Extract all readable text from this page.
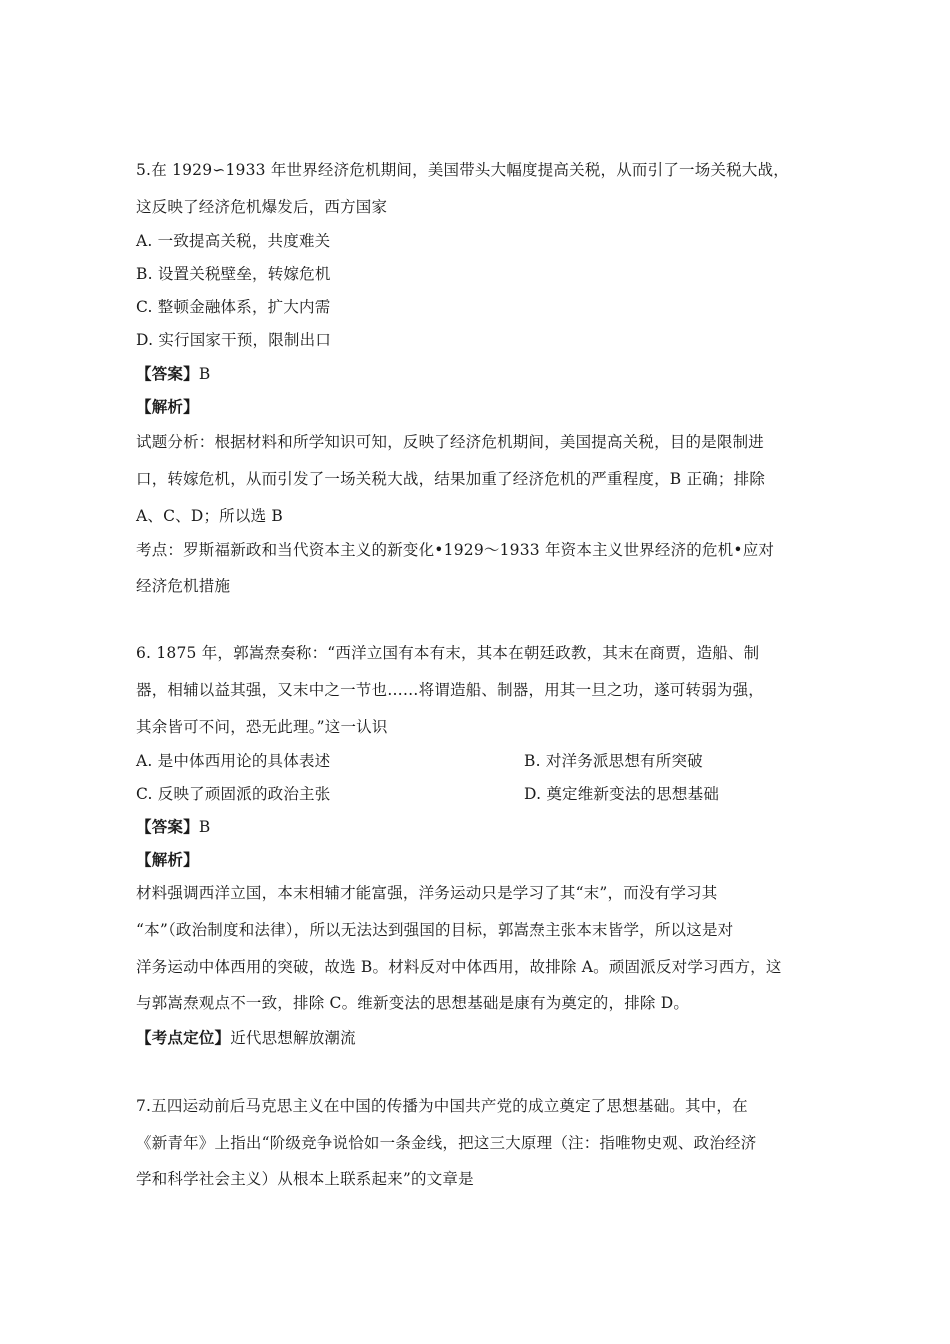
5.在 1929∽1933 年世界经济危机期间，美国带头大幅度提高关税，从而引了一场关税大战，
这反映了经济危机爆发后，西方国家
A. 一致提高关税，共度难关
B. 设置关税壁垒，转嫁危机
C. 整顿金融体系，扩大内需
D. 实行国家干预，限制出口
【答案】B
【解析】
试题分析：根据材料和所学知识可知，反映了经济危机期间，美国提高关税，目的是限制进
口，转嫁危机，从而引发了一场关税大战，结果加重了经济危机的严重程度，B 正确；排除
A、C、D；所以选 B
考点：罗斯福新政和当代资本主义的新变化•1929～1933 年资本主义世界经济的危机•应对
经济危机措施
6. 1875 年，郭嵩焘奏称：“西洋立国有本有末，其本在朝廷政教，其末在商贾，造船、制
器，相辅以益其强，又末中之一节也……将谓造船、制器，用其一旦之功，遂可转弱为强，
其余皆可不问，恐无此理。”这一认识
A. 是中体西用论的具体表述	B. 对洋务派思想有所突破
C. 反映了顽固派的政治主张	D. 奠定维新变法的思想基础
【答案】B
【解析】
材料强调西洋立国，本末相辅才能富强，洋务运动只是学习了其“末”，而没有学习其
“本”（政治制度和法律），所以无法达到强国的目标，郭嵩焘主张本末皆学，所以这是对
洋务运动中体西用的突破，故选 B。材料反对中体西用，故排除 A。顽固派反对学习西方，这
与郭嵩焘观点不一致，排除 C。维新变法的思想基础是康有为奠定的，排除 D。
【考点定位】近代思想解放潮流
7.五四运动前后马克思主义在中国的传播为中国共产党的成立奠定了思想基础。其中，在
《新青年》上指出“阶级竞争说恰如一条金线，把这三大原理（注：指唯物史观、政治经济
学和科学社会主义）从根本上联系起来”的文章是
